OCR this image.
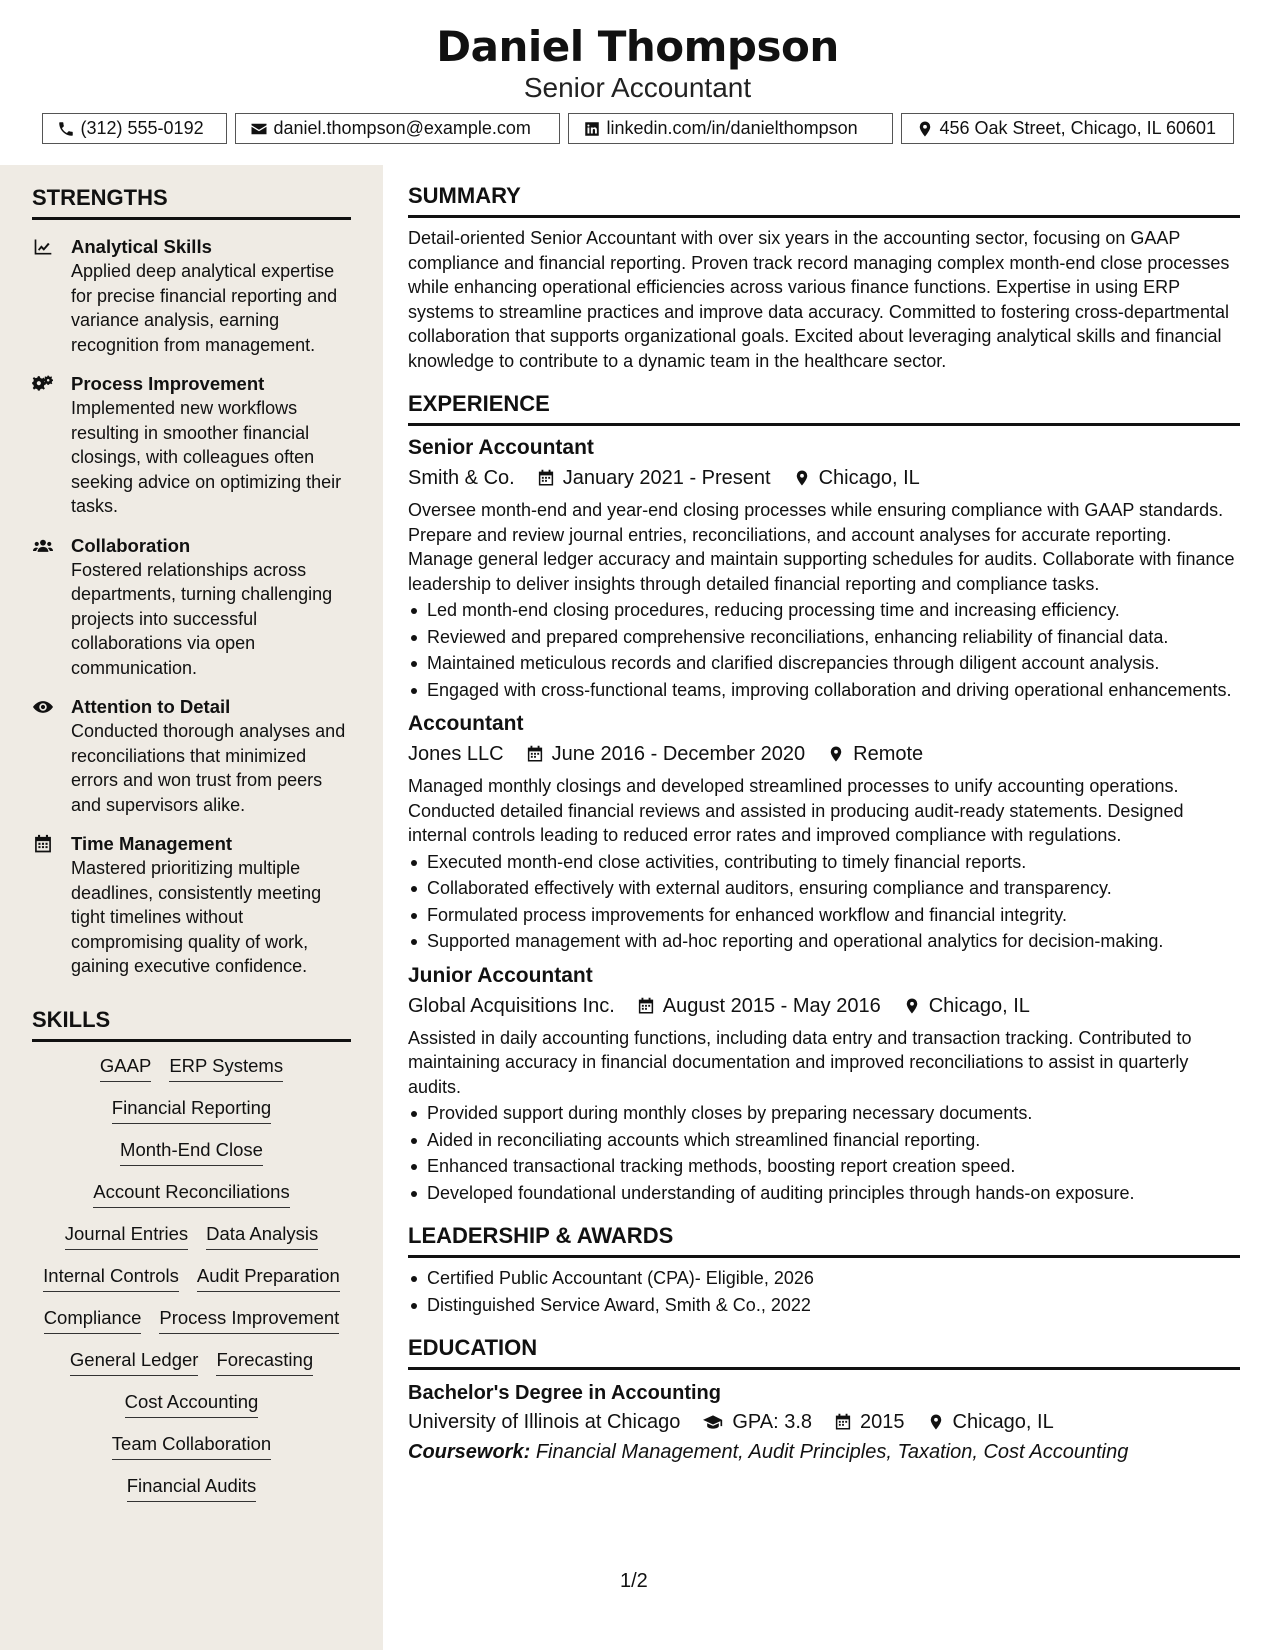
Daniel Thompson
Senior Accountant
(312) 555-0192	daniel.thompson@example.com	linkedin.com/in/danielthompson	456 Oak Street, Chicago, IL 60601
STRENGTHS
Analytical Skills
Applied deep analytical expertise for precise financial reporting and variance analysis, earning recognition from management.
Process Improvement
Implemented new workflows resulting in smoother financial closings, with colleagues often seeking advice on optimizing their tasks.
Collaboration
Fostered relationships across departments, turning challenging projects into successful collaborations via open communication.
Attention to Detail
Conducted thorough analyses and reconciliations that minimized errors and won trust from peers and supervisors alike.
Time Management
Mastered prioritizing multiple deadlines, consistently meeting tight timelines without compromising quality of work, gaining executive confidence.
SKILLS
GAAP ERP Systems
Financial Reporting
Month-End Close
Account Reconciliations
Journal Entries Data Analysis
Internal Controls Audit Preparation
Compliance Process Improvement
General Ledger Forecasting
Cost Accounting
Team Collaboration
Financial Audits
SUMMARY
Detail-oriented Senior Accountant with over six years in the accounting sector, focusing on GAAP compliance and financial reporting. Proven track record managing complex month-end close processes while enhancing operational efficiencies across various finance functions. Expertise in using ERP systems to streamline practices and improve data accuracy. Committed to fostering cross-departmental collaboration that supports organizational goals. Excited about leveraging analytical skills and financial knowledge to contribute to a dynamic team in the healthcare sector.
EXPERIENCE
Senior Accountant
Smith & Co. January 2021 - Present Chicago, IL
Oversee month-end and year-end closing processes while ensuring compliance with GAAP standards. Prepare and review journal entries, reconciliations, and account analyses for accurate reporting. Manage general ledger accuracy and maintain supporting schedules for audits. Collaborate with finance leadership to deliver insights through detailed financial reporting and compliance tasks.
Led month-end closing procedures, reducing processing time and increasing efficiency.
Reviewed and prepared comprehensive reconciliations, enhancing reliability of financial data.
Maintained meticulous records and clarified discrepancies through diligent account analysis.
Engaged with cross-functional teams, improving collaboration and driving operational enhancements.
Accountant
Jones LLC June 2016 - December 2020 Remote
Managed monthly closings and developed streamlined processes to unify accounting operations. Conducted detailed financial reviews and assisted in producing audit-ready statements. Designed internal controls leading to reduced error rates and improved compliance with regulations.
Executed month-end close activities, contributing to timely financial reports.
Collaborated effectively with external auditors, ensuring compliance and transparency.
Formulated process improvements for enhanced workflow and financial integrity.
Supported management with ad-hoc reporting and operational analytics for decision-making.
Junior Accountant
Global Acquisitions Inc. August 2015 - May 2016 Chicago, IL
Assisted in daily accounting functions, including data entry and transaction tracking. Contributed to maintaining accuracy in financial documentation and improved reconciliations to assist in quarterly audits.
Provided support during monthly closes by preparing necessary documents.
Aided in reconciliating accounts which streamlined financial reporting.
Enhanced transactional tracking methods, boosting report creation speed.
Developed foundational understanding of auditing principles through hands-on exposure.
LEADERSHIP & AWARDS
Certified Public Accountant (CPA)- Eligible, 2026
Distinguished Service Award, Smith & Co., 2022
EDUCATION
Bachelor's Degree in Accounting
University of Illinois at Chicago	GPA: 3.8 2015 Chicago, IL
Coursework: Financial Management, Audit Principles, Taxation, Cost Accounting
1/2
